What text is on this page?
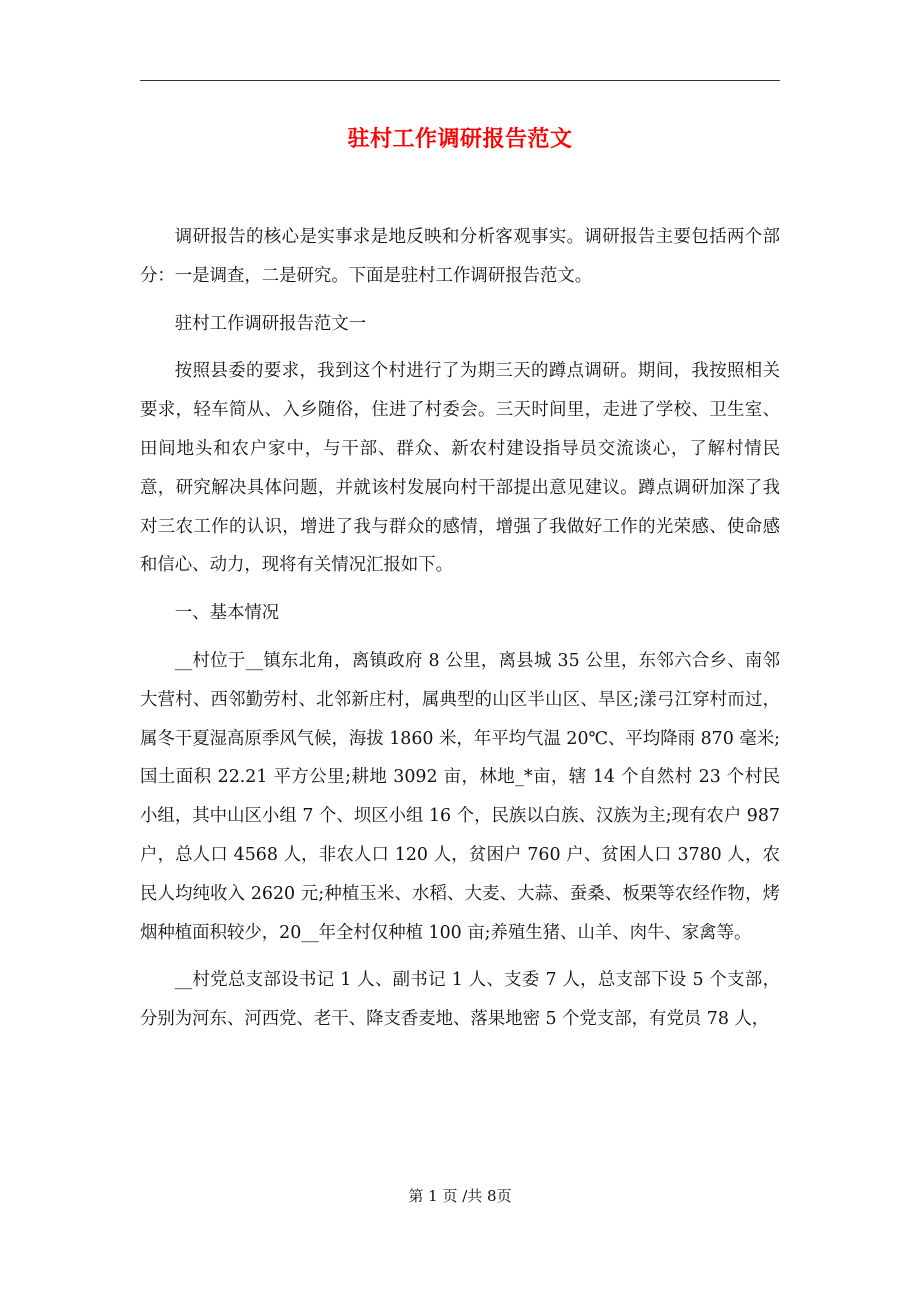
驻村工作调研报告范文

调研报告的核心是实事求是地反映和分析客观事实。调研报告主要包括两个部分：一是调查，二是研究。下面是驻村工作调研报告范文。

驻村工作调研报告范文一

按照县委的要求，我到这个村进行了为期三天的蹲点调研。期间，我按照相关要求，轻车简从、入乡随俗，住进了村委会。三天时间里，走进了学校、卫生室、田间地头和农户家中，与干部、群众、新农村建设指导员交流谈心，了解村情民意，研究解决具体问题，并就该村发展向村干部提出意见建议。蹲点调研加深了我对三农工作的认识，增进了我与群众的感情，增强了我做好工作的光荣感、使命感和信心、动力，现将有关情况汇报如下。

一、基本情况

__村位于__镇东北角，离镇政府 8 公里，离县城 35 公里，东邻六合乡、南邻大营村、西邻勤劳村、北邻新庄村，属典型的山区半山区、旱区;漾弓江穿村而过，属冬干夏湿高原季风气候，海拔 1860 米，年平均气温 20℃、平均降雨 870 毫米;国土面积 22.21 平方公里;耕地 3092 亩，林地_*亩，辖 14 个自然村 23 个村民小组，其中山区小组 7 个、坝区小组 16 个，民族以白族、汉族为主;现有农户 987 户，总人口 4568 人，非农人口 120 人，贫困户 760 户、贫困人口 3780 人，农民人均纯收入 2620 元;种植玉米、水稻、大麦、大蒜、蚕桑、板栗等农经作物，烤烟种植面积较少，20__年全村仅种植 100 亩;养殖生猪、山羊、肉牛、家禽等。

__村党总支部设书记 1 人、副书记 1 人、支委 7 人，总支部下设 5 个支部，分别为河东、河西党、老干、降支香麦地、落果地密 5 个党支部，有党员 78 人，

第 1 页 /共 8页
